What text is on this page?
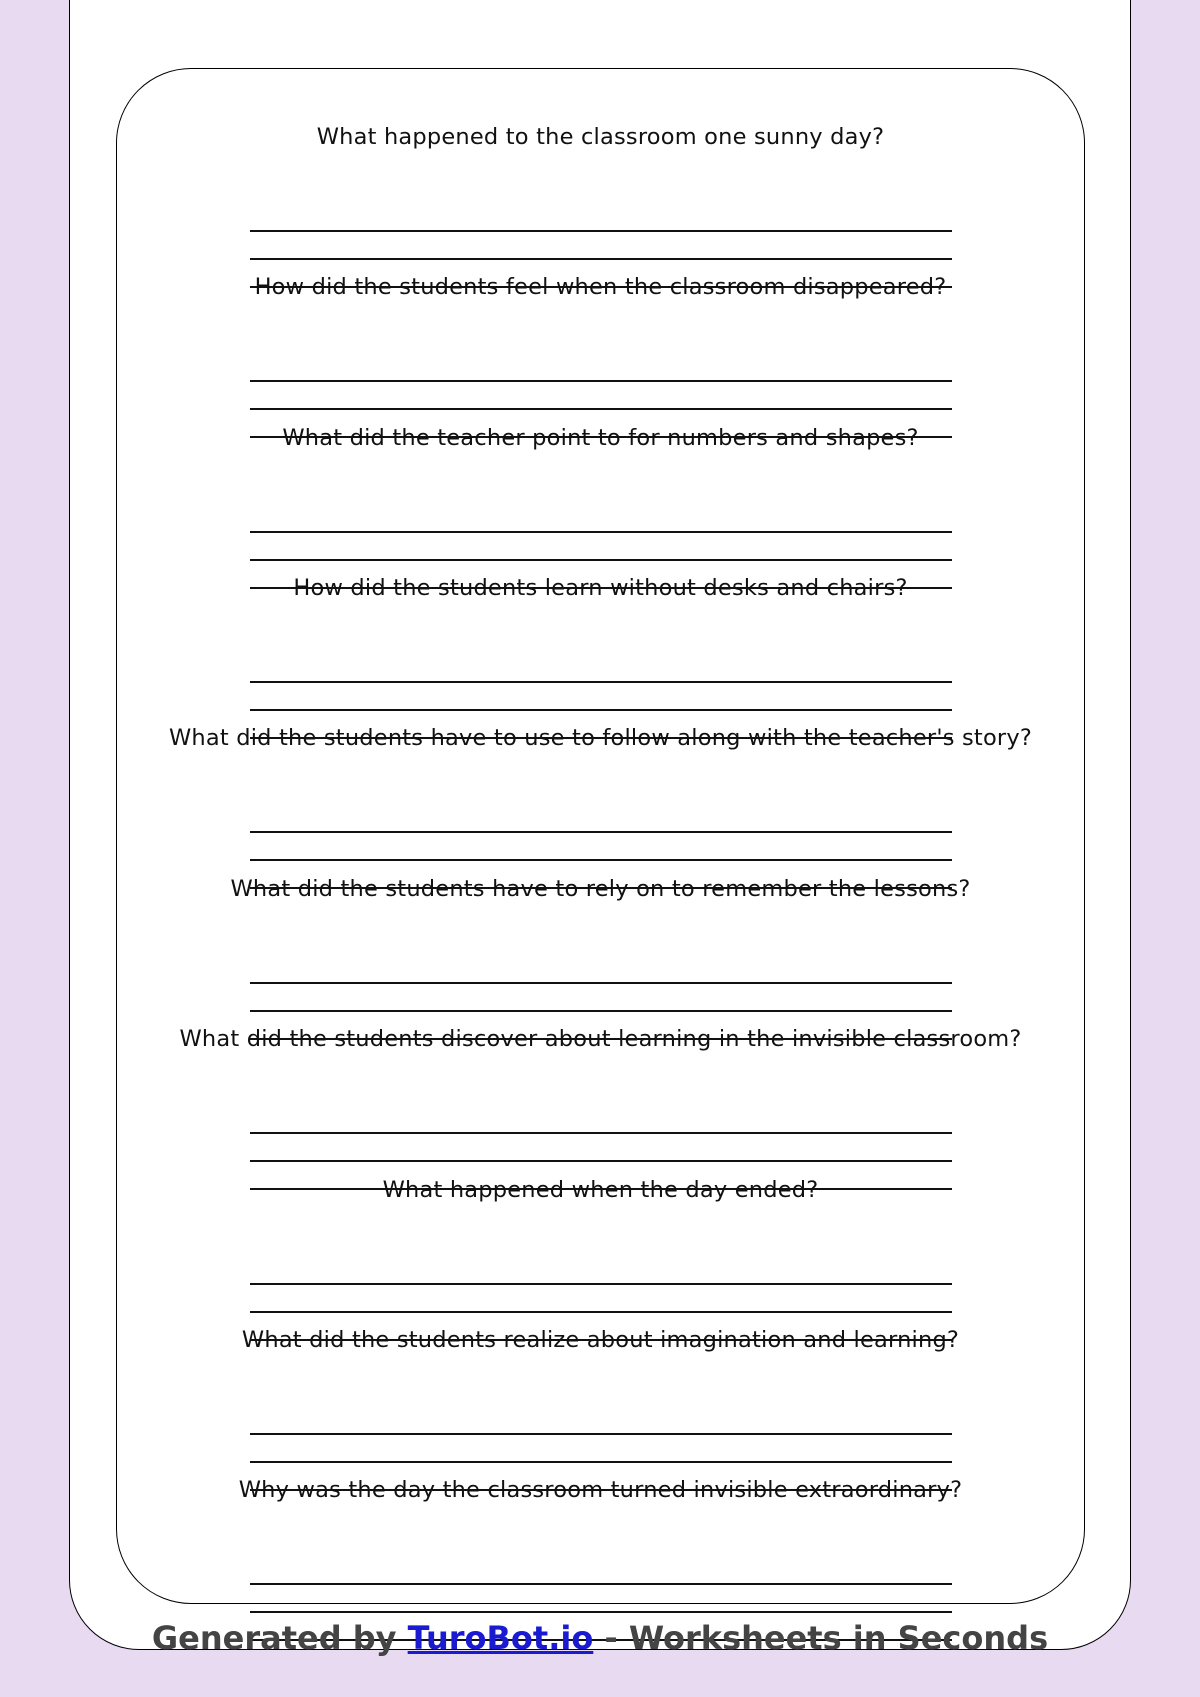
What happened to the classroom one sunny day?
How did the students feel when the classroom disappeared?
What did the teacher point to for numbers and shapes?
How did the students learn without desks and chairs?
What did the students have to use to follow along with the teacher's story?
What did the students have to rely on to remember the lessons?
What did the students discover about learning in the invisible classroom?
What happened when the day ended?
What did the students realize about imagination and learning?
Why was the day the classroom turned invisible extraordinary?
Generated by TuroBot.io - Worksheets in Seconds
